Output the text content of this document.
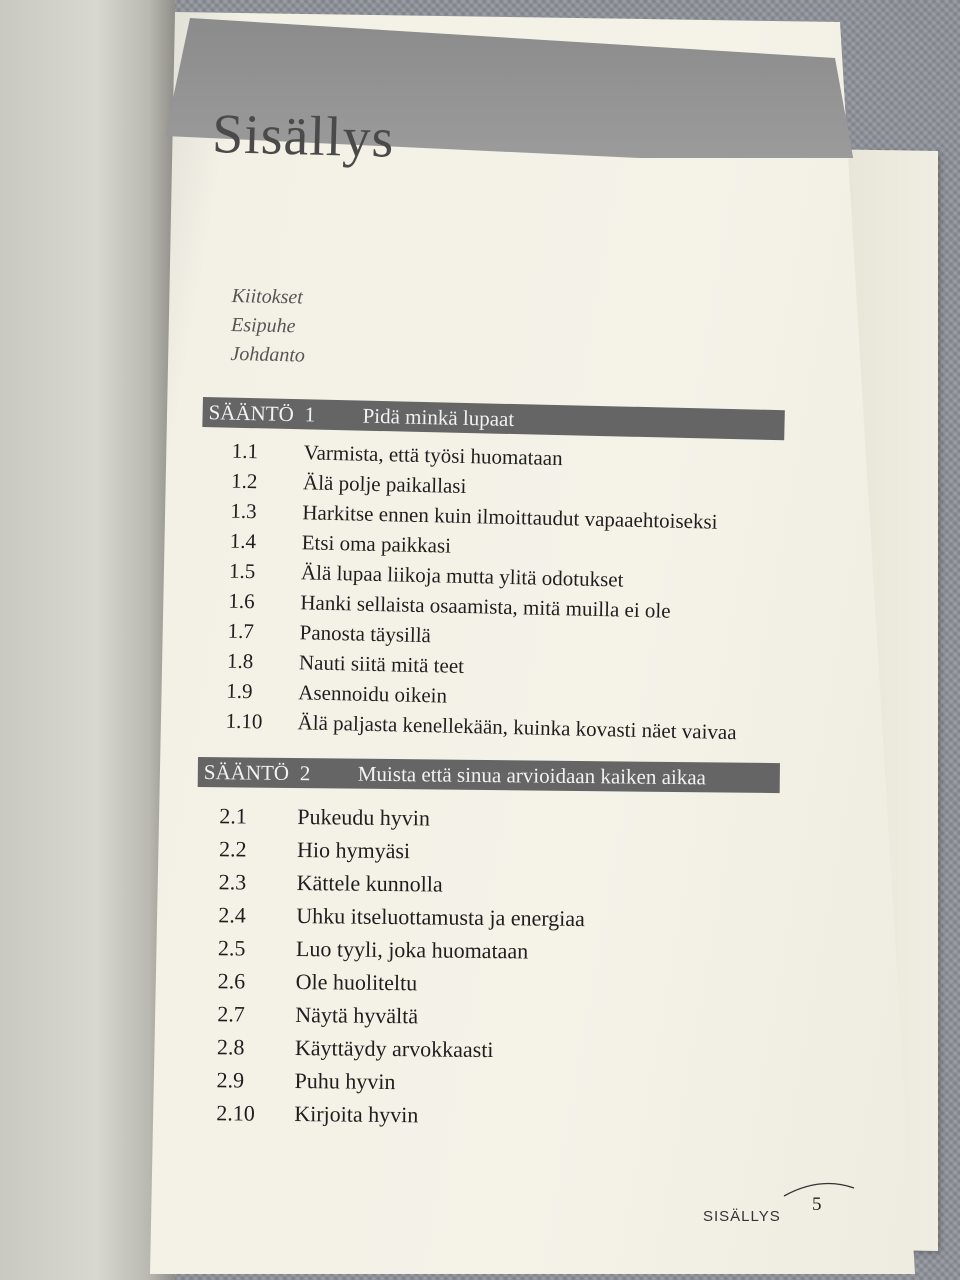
Sisällys
Kiitokset
Esipuhe
Johdanto
SÄÄNTÖ 1 Pidä minkä lupaat
1.1 Varmista, että työsi huomataan
1.2 Älä polje paikallasi
1.3 Harkitse ennen kuin ilmoittaudut vapaaehtoiseksi
1.4 Etsi oma paikkasi
1.5 Älä lupaa liikoja mutta ylitä odotukset
1.6 Hanki sellaista osaamista, mitä muilla ei ole
1.7 Panosta täysillä
1.8 Nauti siitä mitä teet
1.9 Asennoidu oikein
1.10 Älä paljasta kenellekään, kuinka kovasti näet vaivaa
SÄÄNTÖ 2 Muista että sinua arvioidaan kaiken aikaa
2.1 Pukeudu hyvin
2.2 Hio hymyäsi
2.3 Kättele kunnolla
2.4 Uhku itseluottamusta ja energiaa
2.5 Luo tyyli, joka huomataan
2.6 Ole huoliteltu
2.7 Näytä hyvältä
2.8 Käyttäydy arvokkaasti
2.9 Puhu hyvin
2.10 Kirjoita hyvin
SISÄLLYS
5
